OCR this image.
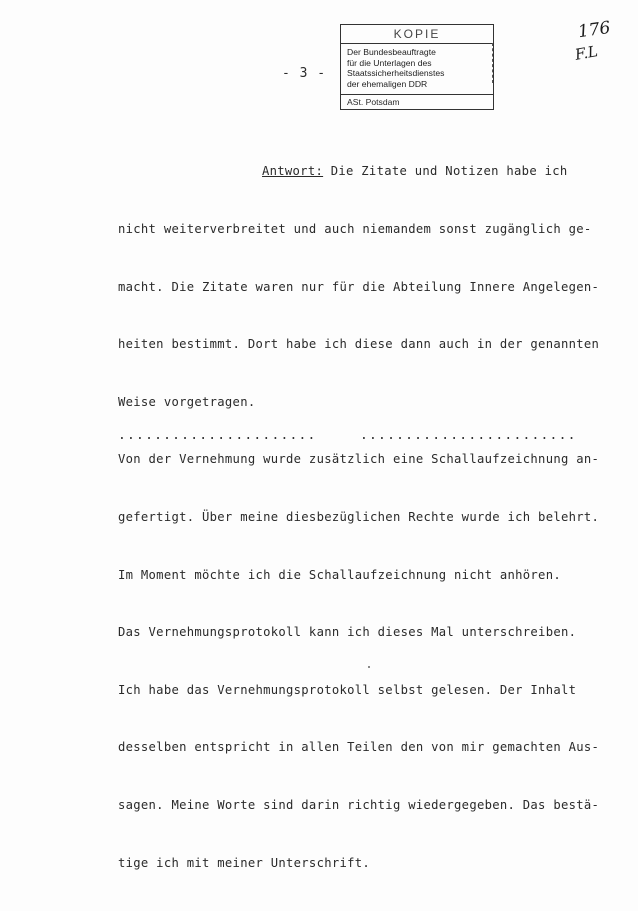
KOPIE
Der Bundesbeauftragte
für die Unterlagen des
Staatssicherheitsdienstes
der ehemaligen DDR
ASt. Potsdam
176
F.L
- 3 -

Antwort: Die Zitate und Notizen habe ich

nicht weiterverbreitet und auch niemandem sonst zugänglich ge-

macht. Die Zitate waren nur für die Abteilung Innere Angelegen-

heiten bestimmt. Dort habe ich diese dann auch in der genannten

Weise vorgetragen.

Von der Vernehmung wurde zusätzlich eine Schallaufzeichnung an-

gefertigt. Über meine diesbezüglichen Rechte wurde ich belehrt.

Im Moment möchte ich die Schallaufzeichnung nicht anhören.

Das Vernehmungsprotokoll kann ich dieses Mal unterschreiben.

Ich habe das Vernehmungsprotokoll selbst gelesen. Der Inhalt

desselben entspricht in allen Teilen den von mir gemachten Aus-

sagen. Meine Worte sind darin richtig wiedergegeben. Das bestä-

tige ich mit meiner Unterschrift.

......................	........................
